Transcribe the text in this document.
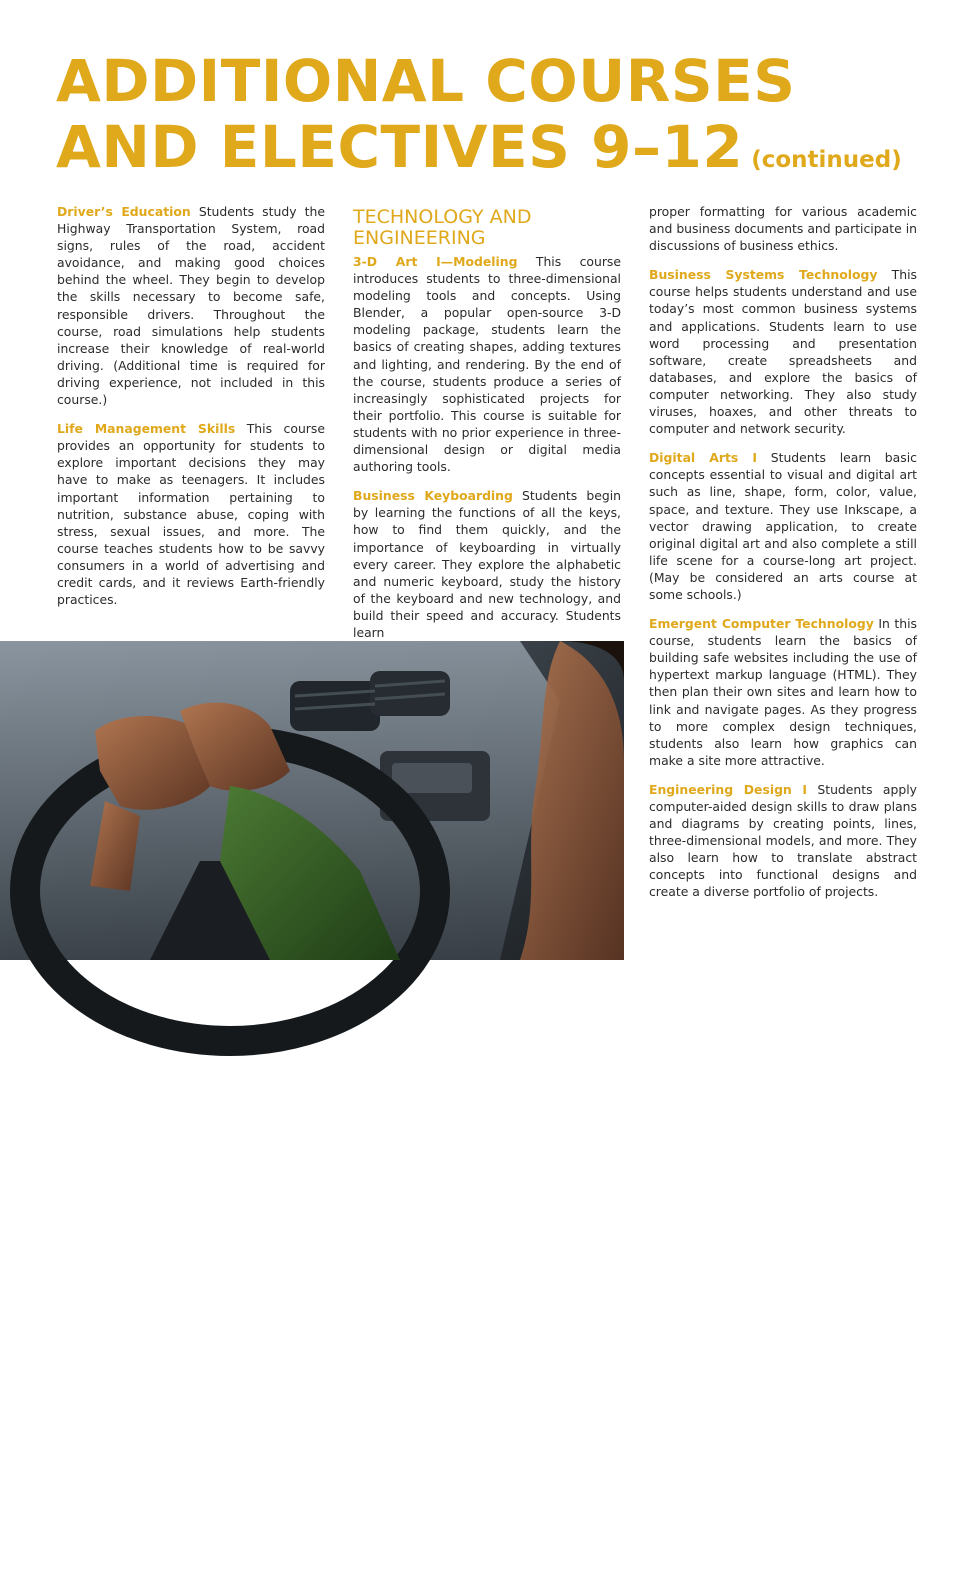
ADDITIONAL COURSES
AND ELECTIVES 9–12 (continued)

Driver’s Education Students study the Highway Transportation System, road signs, rules of the road, accident avoidance, and making good choices behind the wheel. They begin to develop the skills necessary to become safe, responsible drivers. Throughout the course, road simulations help students increase their knowledge of real-world driving. (Additional time is required for driving experience, not included in this course.)

Life Management Skills This course provides an opportunity for students to explore important decisions they may have to make as teenagers. It includes important information pertaining to nutrition, substance abuse, coping with stress, sexual issues, and more. The course teaches students how to be savvy consumers in a world of advertising and credit cards, and it reviews Earth-friendly practices.

TECHNOLOGY AND ENGINEERING

3-D Art I—Modeling This course introduces students to three-dimensional modeling tools and concepts. Using Blender, a popular open-source 3-D modeling package, students learn the basics of creating shapes, adding textures and lighting, and rendering. By the end of the course, students produce a series of increasingly sophisticated projects for their portfolio. This course is suitable for students with no prior experience in three-dimensional design or digital media authoring tools.

Business Keyboarding Students begin by learning the functions of all the keys, how to find them quickly, and the importance of keyboarding in virtually every career. They explore the alphabetic and numeric keyboard, study the history of the keyboard and new technology, and build their speed and accuracy. Students learn

proper formatting for various academic and business documents and participate in discussions of business ethics.

Business Systems Technology This course helps students understand and use today’s most common business systems and applications. Students learn to use word processing and presentation software, create spreadsheets and databases, and explore the basics of computer networking. They also study viruses, hoaxes, and other threats to computer and network security.

Digital Arts I Students learn basic concepts essential to visual and digital art such as line, shape, form, color, value, space, and texture. They use Inkscape, a vector drawing application, to create original digital art and also complete a still life scene for a course-long art project. (May be considered an arts course at some schools.)

Emergent Computer Technology In this course, students learn the basics of building safe websites including the use of hypertext markup language (HTML). They then plan their own sites and learn how to link and navigate pages. As they progress to more complex design techniques, students also learn how graphics can make a site more attractive.

Engineering Design I Students apply computer-aided design skills to draw plans and diagrams by creating points, lines, three-dimensional models, and more. They also learn how to translate abstract concepts into functional designs and create a diverse portfolio of projects.

8
